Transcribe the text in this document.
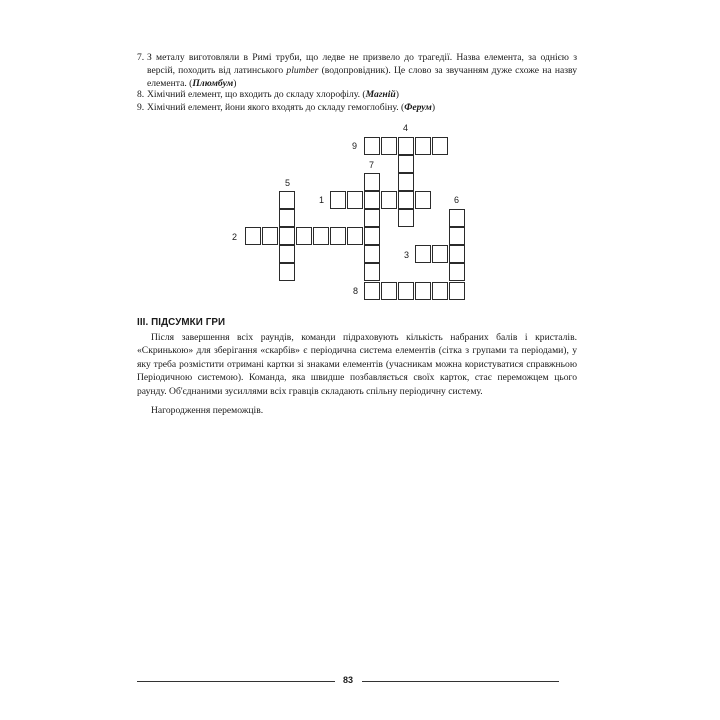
7. З металу виготовляли в Римі труби, що ледве не призвело до трагедії. Назва елемента, за однією з версій, походить від латинського plumber (водопровідник). Це слово за звучанням дуже схоже на назву елемента. (Плюмбум)
8. Хімічний елемент, що входить до складу хлорофілу. (Магній)
9. Хімічний елемент, йони якого входять до складу гемоглобіну. (Ферум)
1
2
3
4
5
6
7
8
9
ІІІ. ПІДСУМКИ ГРИ
Після завершення всіх раундів, команди підраховують кількість набраних балів і кристалів. «Скринькою» для зберігання «скарбів» є періодична система елементів (сітка з групами та періодами), у яку треба розмістити отримані картки зі знаками елементів (учасникам можна користуватися справжньою Періодичною системою). Команда, яка швидше позбавляється своїх карток, стає переможцем цього раунду. Об'єднаними зусиллями всіх гравців складають спільну періодичну систему.
Нагородження переможців.
83
